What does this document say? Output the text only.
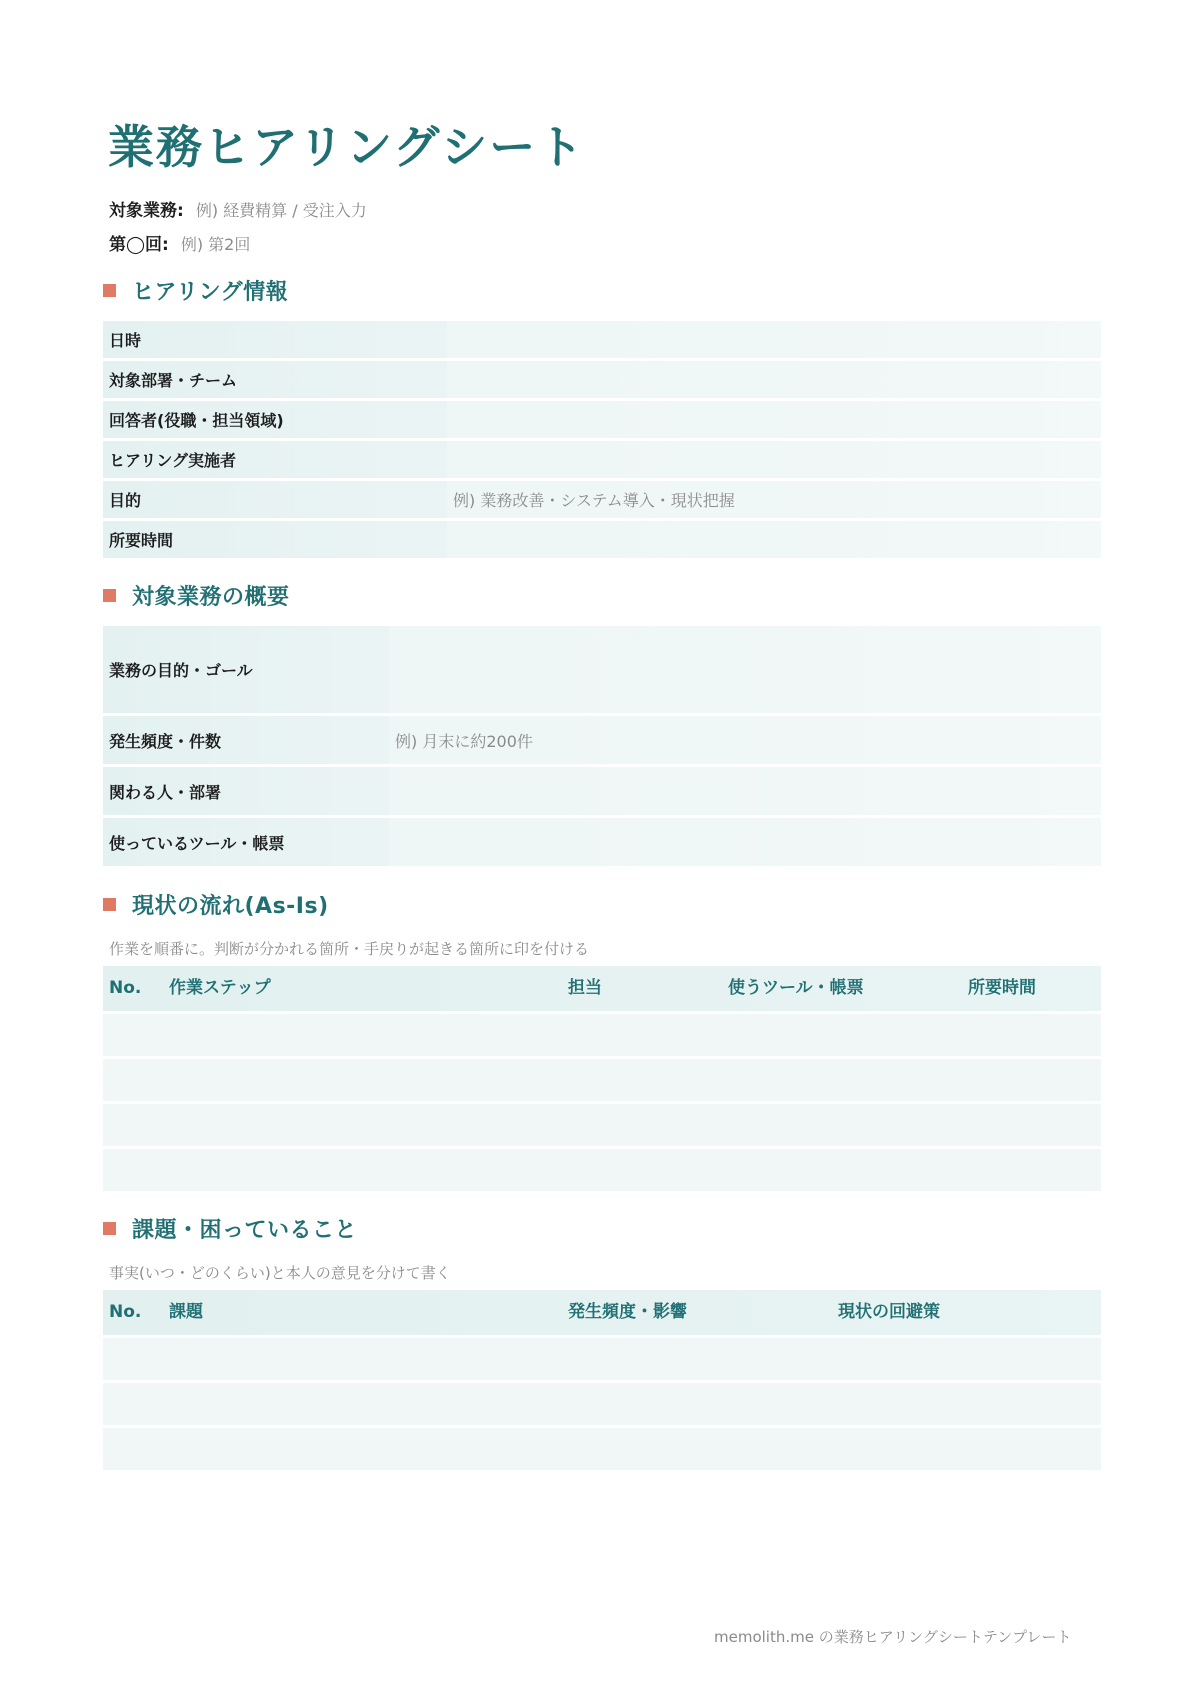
業務ヒアリングシート
対象業務: 例) 経費精算 / 受注入力
第◯回: 例) 第2回
ヒアリング情報
日時
対象部署・チーム
回答者(役職・担当領域)
ヒアリング実施者
目的	例) 業務改善・システム導入・現状把握
所要時間
対象業務の概要
業務の目的・ゴール
発生頻度・件数	例) 月末に約200件
関わる人・部署
使っているツール・帳票
現状の流れ(As-Is)
作業を順番に。判断が分かれる箇所・手戻りが起きる箇所に印を付ける
No. 作業ステップ	担当	使うツール・帳票	所要時間
課題・困っていること
事実(いつ・どのくらい)と本人の意見を分けて書く
No. 課題	発生頻度・影響	現状の回避策
memolith.me の業務ヒアリングシートテンプレート
